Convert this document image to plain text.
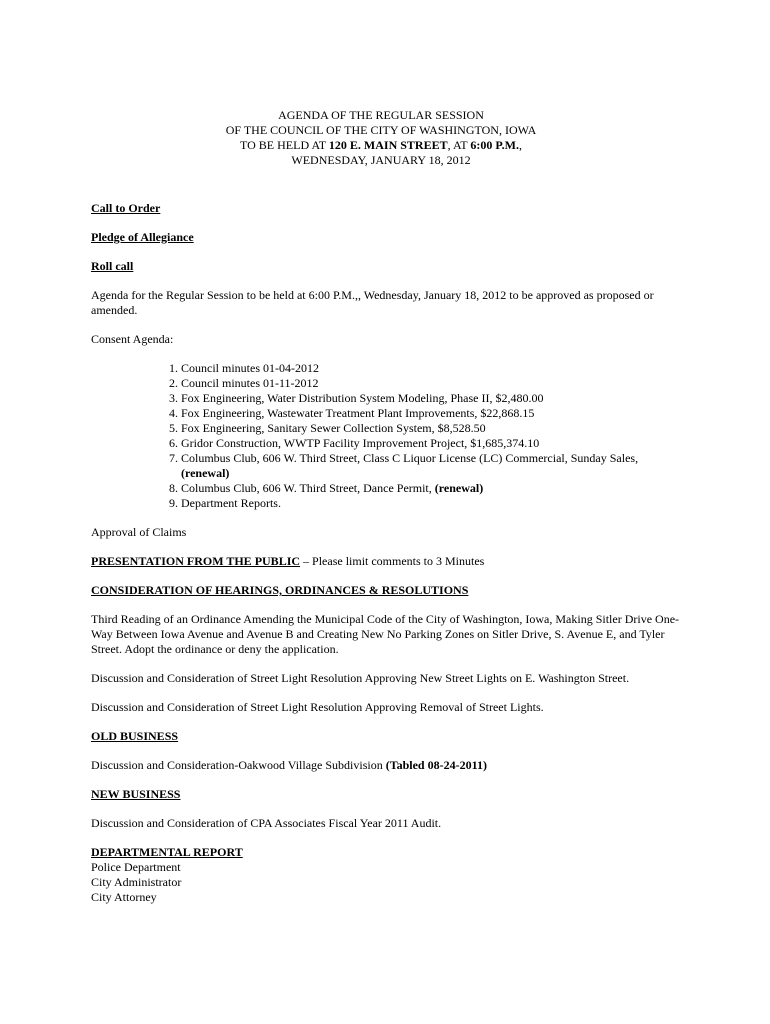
AGENDA OF THE REGULAR SESSION
OF THE COUNCIL OF THE CITY OF WASHINGTON, IOWA
TO BE HELD AT 120 E. MAIN STREET, AT 6:00 P.M.,
WEDNESDAY, JANUARY 18, 2012
Call to Order
Pledge of Allegiance
Roll call
Agenda for the Regular Session to be held at 6:00 P.M.,, Wednesday, January 18, 2012 to be approved as proposed or amended.
Consent Agenda:
1. Council minutes 01-04-2012
2. Council minutes 01-11-2012
3. Fox Engineering, Water Distribution System Modeling, Phase II, $2,480.00
4. Fox Engineering, Wastewater Treatment Plant Improvements, $22,868.15
5. Fox Engineering, Sanitary Sewer Collection System, $8,528.50
6. Gridor Construction, WWTP Facility Improvement Project, $1,685,374.10
7. Columbus Club, 606 W. Third Street, Class C Liquor License (LC) Commercial, Sunday Sales, (renewal)
8. Columbus Club, 606 W. Third Street, Dance Permit, (renewal)
9. Department Reports.
Approval of Claims
PRESENTATION FROM THE PUBLIC – Please limit comments to 3 Minutes
CONSIDERATION OF HEARINGS, ORDINANCES & RESOLUTIONS
Third Reading of an Ordinance Amending the Municipal Code of the City of Washington, Iowa, Making Sitler Drive One-Way Between Iowa Avenue and Avenue B and Creating New No Parking Zones on Sitler Drive, S. Avenue E, and Tyler Street. Adopt the ordinance or deny the application.
Discussion and Consideration of Street Light Resolution Approving New Street Lights on E. Washington Street.
Discussion and Consideration of Street Light Resolution Approving Removal of Street Lights.
OLD BUSINESS
Discussion and Consideration-Oakwood Village Subdivision (Tabled 08-24-2011)
NEW BUSINESS
Discussion and Consideration of CPA Associates Fiscal Year 2011 Audit.
DEPARTMENTAL REPORT
Police Department
City Administrator
City Attorney
